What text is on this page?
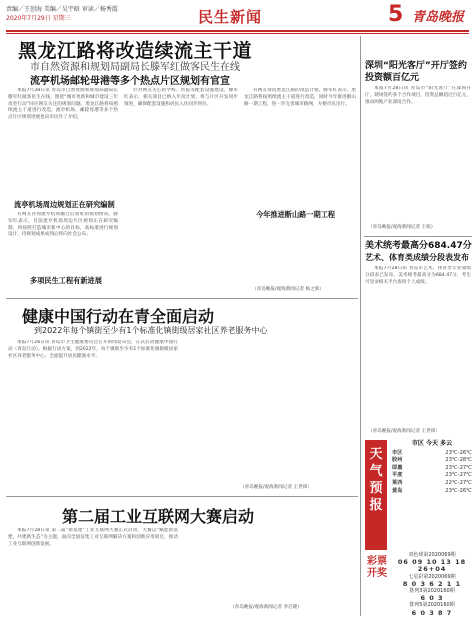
责编／王创海 美编／吴宇晗 审读／杨秀霞
2020年7月29日 星期三	民生新闻	5 青岛晚报
黑龙江路将改造续流主干道
市自然资源和规划局副局长滕军红做客民生在线
流亭机场邮轮母港等多个热点片区规划有官宣

本报7月28日讯 青岛市自然资源和规划局副局长滕军红做客民生在线，围绕“城市更新和城市建设三年攻坚行动”回应网友关注的规划问题。黑龙江路将按照续流主干道进行改造，流亭机场、邮轮母港等多个热点片区规划进展也向市民作了介绍。

流亭机场周边规划正在研究编制

有网友咨询流亭机场搬迁后原址的规划情况。滕军红表示，目前流亭机场周边片区规划正在研究编制，将按照打造城市新中心的目标，高标准进行规划设计，待规划成果成熟后将向社会公布。

多项民生工程有新进展

针对网友关心的学校、医院等配套设施建设，滕军红表示，相关项目已纳入年度计划，将与片区开发同步推进，确保配套设施和居民入住同步到位。

今年推进断山路一期工程

有网友询问黑龙江路的改造计划。滕军红表示，黑龙江路将按照续流主干道进行改造，同时今年推进断山路一期工程，进一步完善城市路网，方便市民出行。

（青岛晚报/观海新闻记者 杨之新）
健康中国行动在青全面启动
到2022年每个镇街至少有1个标准化镇街级居家社区养老服务中心

本报7月28日讯 青岛市卫生健康委员会召开新闻发布会，正式启动健康中国行动（青岛行动）。根据行动方案，到2022年，每个镇街至少有1个标准化镇街级居家社区养老服务中心，全面提升居民健康水平。

（青岛晚报/观海新闻记者 王世锋）
第二届工业互联网大赛启动

本报7月28日讯 第二届“新基建”工业互联网大赛正式启动，大赛以“赋能新基建，共建新生态”为主题，面向全国征集工业互联网解决方案和创新应用项目，推动工业互联网创新发展。

（青岛晚报/观海新闻记者 李启隆）
深圳“阳光客厅”开厅签约投资额百亿元

本报7月28日讯 青岛市“阳光客厅”在深圳开厅，现场签约多个合作项目，投资总额超过百亿元，推动两地产业深度合作。

（青岛晚报/观海新闻记者 王娟）
美术统考最高分684.47分
艺术、体育类成绩分段表发布

本报7月28日讯 青岛市艺术、体育类专业成绩分段表已发布，美术统考最高分为684.47分，考生可登录相关平台查询个人成绩。

（青岛晚报/观海新闻记者 王世锋）
天气预报
市区 今天 多云
市区	23℃-26℃
胶州	23℃-28℃
即墨	23℃-27℃
平度	23℃-27℃
莱西	22℃-27℃
黄岛	23℃-26℃
彩票开奖
双色球第2020069期
06 09 10 13 18 26+04
七星彩第2020069期
8 0 3 6 2 1 1
排列3第2020160期
6 0 3
排列5第2020160期
6 0 3 8 7
